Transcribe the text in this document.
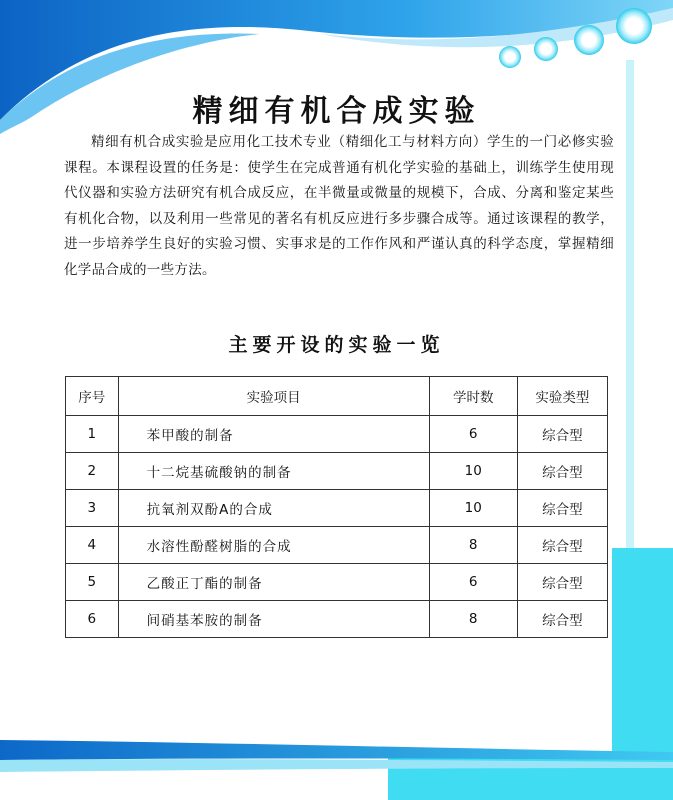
精细有机合成实验
精细有机合成实验是应用化工技术专业（精细化工与材料方向）学生的一门必修实验课程。本课程设置的任务是：使学生在完成普通有机化学实验的基础上，训练学生使用现代仪器和实验方法研究有机合成反应，在半微量或微量的规模下，合成、分离和鉴定某些有机化合物，以及利用一些常见的著名有机反应进行多步骤合成等。通过该课程的教学，进一步培养学生良好的实验习惯、实事求是的工作作风和严谨认真的科学态度，掌握精细化学品合成的一些方法。
主要开设的实验一览
序号	实验项目	学时数	实验类型
1	苯甲酸的制备	6	综合型
2	十二烷基硫酸钠的制备	10	综合型
3	抗氧剂双酚A的合成	10	综合型
4	水溶性酚醛树脂的合成	8	综合型
5	乙酸正丁酯的制备	6	综合型
6	间硝基苯胺的制备	8	综合型
